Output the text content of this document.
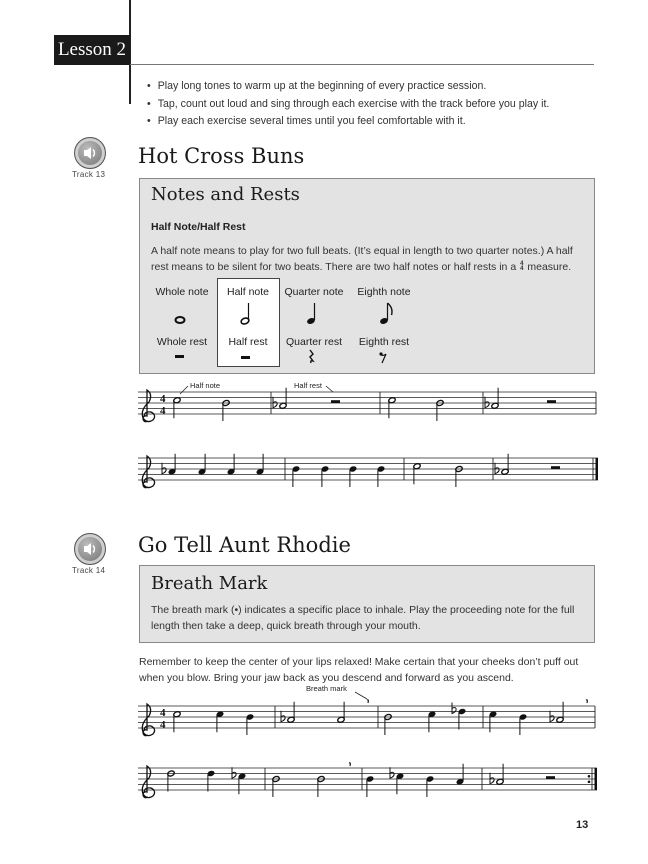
Lesson 2
• Play long tones to warm up at the beginning of every practice session.
• Tap, count out loud and sing through each exercise with the track before you play it.
• Play each exercise several times until you feel comfortable with it.
Track 13
Hot Cross Buns
Notes and Rests
Half Note/Half Rest
A half note means to play for two full beats. (It’s equal in length to two quarter notes.) A half rest means to be silent for two beats. There are two half notes or half rests in a 4
4 measure.
Whole note	Half note	Quarter note	Eighth note
Whole rest	Half rest	Quarter rest	Eighth rest
Half note	Half rest
Track 14
Go Tell Aunt Rhodie
Breath Mark
The breath mark (•) indicates a specific place to inhale. Play the proceeding note for the full length then take a deep, quick breath through your mouth.
Remember to keep the center of your lips relaxed! Make certain that your cheeks don’t puff out when you blow. Bring your jaw back as you descend and forward as you ascend.
Breath mark
4
4
4
4
13
